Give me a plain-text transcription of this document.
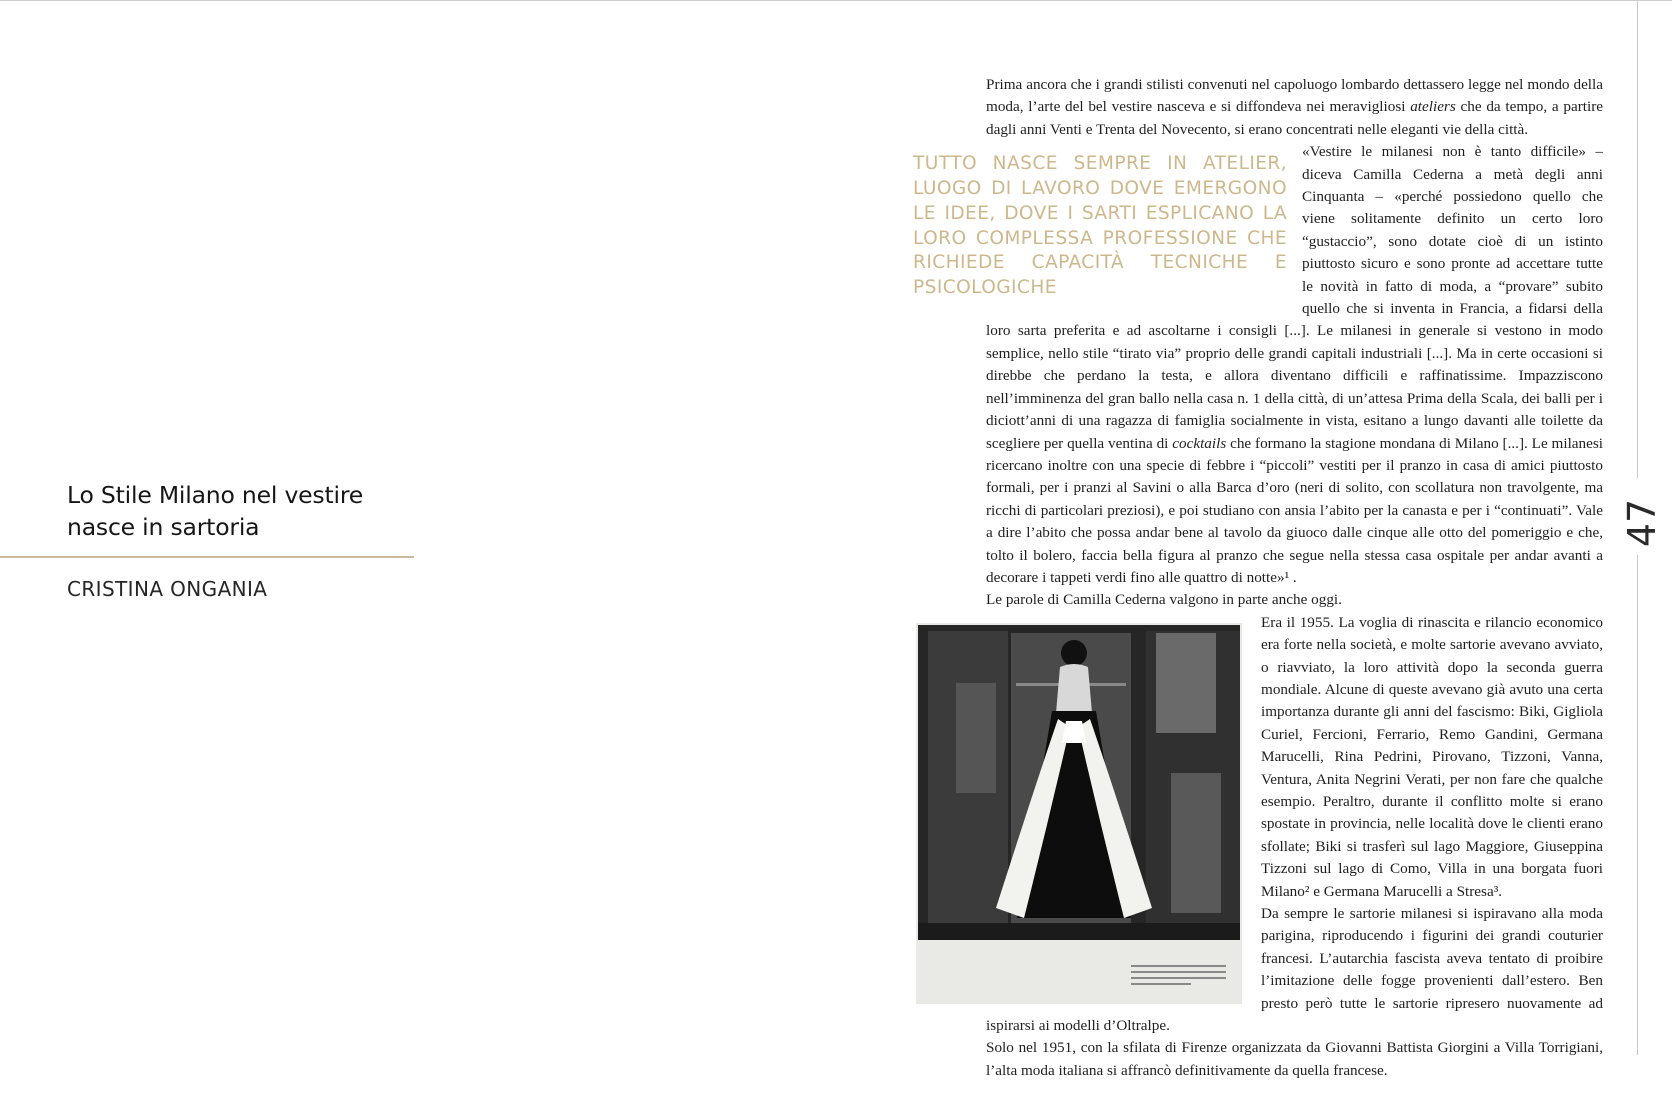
Lo Stile Milano nel vestire nasce in sartoria

CRISTINA ONGANIA

Prima ancora che i grandi stilisti convenuti nel capoluogo lombardo dettassero legge nel mondo della moda, l’arte del bel vestire nasceva e si diffondeva nei meravigliosi ateliers che da tempo, a partire dagli anni Venti e Trenta del Novecento, si erano concentrati nelle eleganti vie della città.

TUTTO NASCE SEMPRE IN ATELIER, LUOGO DI LAVORO DOVE EMERGONO LE IDEE, DOVE I SARTI ESPLICANO LA LORO COMPLESSA PROFESSIONE CHE RICHIEDE CAPACITÀ TECNICHE E PSICOLOGICHE

«Vestire le milanesi non è tanto difficile» – diceva Camilla Cederna a metà degli anni Cinquanta – «perché possiedono quello che viene solitamente definito un certo loro “gustaccio”, sono dotate cioè di un istinto piuttosto sicuro e sono pronte ad accettare tutte le novità in fatto di moda, a “provare” subito quello che si inventa in Francia, a fidarsi della loro sarta preferita e ad ascoltarne i consigli [...]. Le milanesi in generale si vestono in modo semplice, nello stile “tirato via” proprio delle grandi capitali industriali [...]. Ma in certe occasioni si direbbe che perdano la testa, e allora diventano difficili e raffinatissime. Impazziscono nell’imminenza del gran ballo nella casa n. 1 della città, di un’attesa Prima della Scala, dei balli per i diciott’anni di una ragazza di famiglia socialmente in vista, esitano a lungo davanti alle toilette da scegliere per quella ventina di cocktails che formano la stagione mondana di Milano [...]. Le milanesi ricercano inoltre con una specie di febbre i “piccoli” vestiti per il pranzo in casa di amici piuttosto formali, per i pranzi al Savini o alla Barca d’oro (neri di solito, con scollatura non travolgente, ma ricchi di particolari preziosi), e poi studiano con ansia l’abito per la canasta e per i “continuati”. Vale a dire l’abito che possa andar bene al tavolo da giuoco dalle cinque alle otto del pomeriggio e che, tolto il bolero, faccia bella figura al pranzo che segue nella stessa casa ospitale per andar avanti a decorare i tappeti verdi fino alle quattro di notte»¹ .

Le parole di Camilla Cederna valgono in parte anche oggi.

Era il 1955. La voglia di rinascita e rilancio economico era forte nella società, e molte sartorie avevano avviato, o riavviato, la loro attività dopo la seconda guerra mondiale. Alcune di queste avevano già avuto una certa importanza durante gli anni del fascismo: Biki, Gigliola Curiel, Fercioni, Ferrario, Remo Gandini, Germana Marucelli, Rina Pedrini, Pirovano, Tizzoni, Vanna, Ventura, Anita Negrini Verati, per non fare che qualche esempio. Peraltro, durante il conflitto molte si erano spostate in provincia, nelle località dove le clienti erano sfollate; Biki si trasferì sul lago Maggiore, Giuseppina Tizzoni sul lago di Como, Villa in una borgata fuori Milano² e Germana Marucelli a Stresa³.

Da sempre le sartorie milanesi si ispiravano alla moda parigina, riproducendo i figurini dei grandi couturier francesi. L’autarchia fascista aveva tentato di proibire l’imitazione delle fogge provenienti dall’estero. Ben presto però tutte le sartorie ripresero nuovamente ad ispirarsi ai modelli d’Oltralpe.

Solo nel 1951, con la sfilata di Firenze organizzata da Giovanni Battista Giorgini a Villa Torrigiani, l’alta moda italiana si affrancò definitivamente da quella francese.

47
